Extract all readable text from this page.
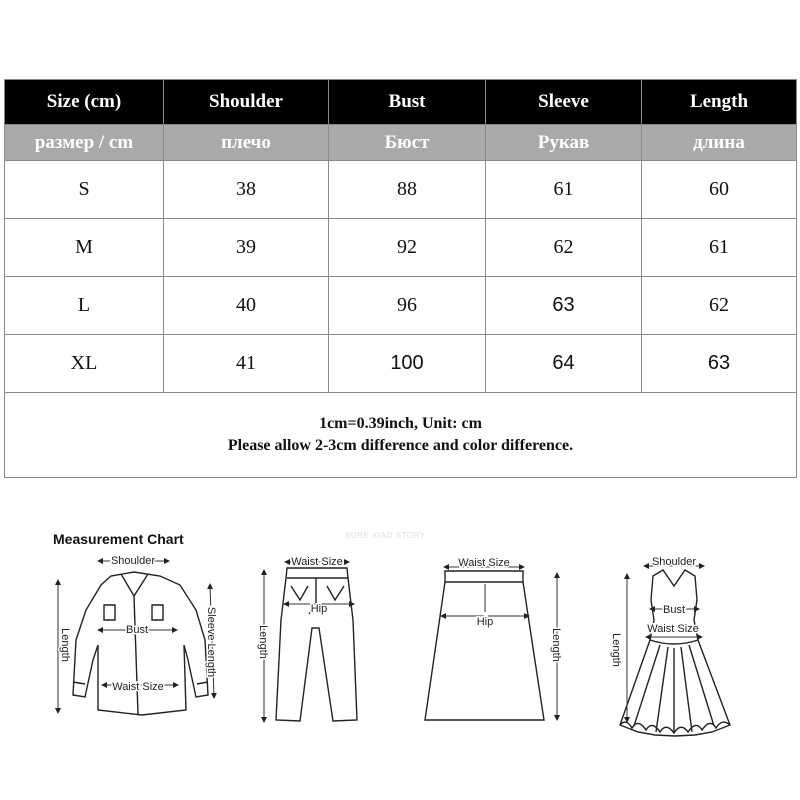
Size (cm)	Shoulder	Bust	Sleeve	Length
размер / cm	плечо	Бюст	Рукав	длина
S	38	88	61	60
M	39	92	62	61
L	40	96	63	62
XL	41	100	64	63

1cm=0.39inch, Unit: cm
Please allow 2-3cm difference and color difference.				
Measurement Chart	SURE XIAO STORY
Shoulder
Bust
Waist Size
Length	Sleeve Length
Waist Size
Hip
Length
Waist Size
Hip
Length
Shoulder
Bust
Waist Size
Length
